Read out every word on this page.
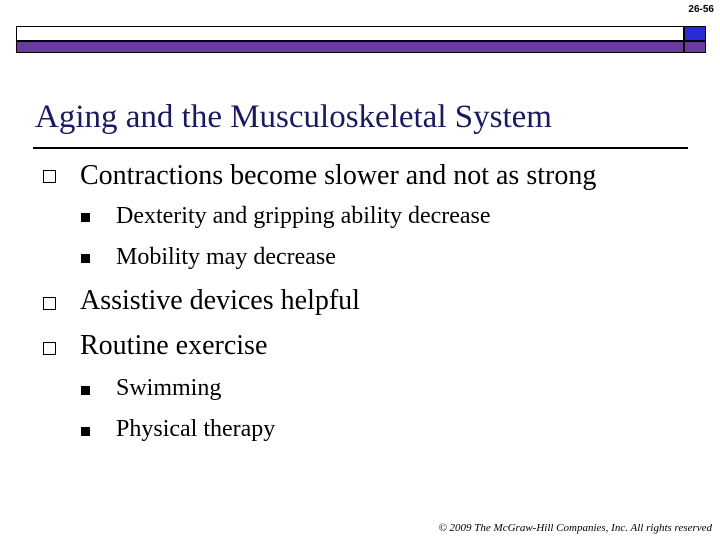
26-56
Aging and the Musculoskeletal System
Contractions become slower and not as strong
Dexterity and gripping ability decrease
Mobility may decrease
Assistive devices helpful
Routine exercise
Swimming
Physical therapy
© 2009 The McGraw-Hill Companies, Inc. All rights reserved
